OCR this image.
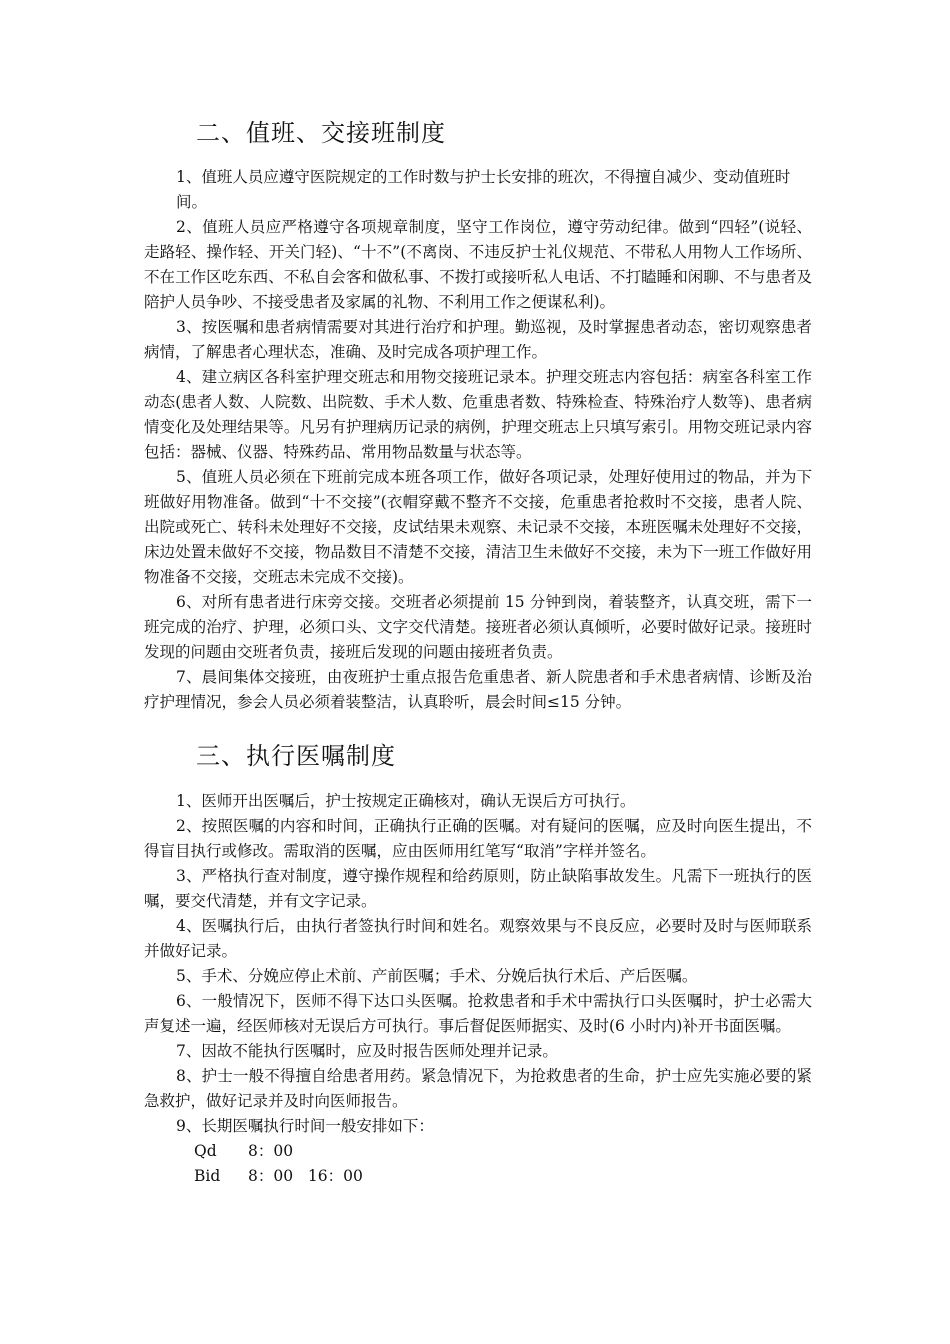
二、值班、交接班制度

1、值班人员应遵守医院规定的工作时数与护士长安排的班次，不得擅自减少、变动值班时

间。

2、值班人员应严格遵守各项规章制度，坚守工作岗位，遵守劳动纪律。做到“四轻”(说轻、走路轻、操作轻、开关门轻)、“十不”(不离岗、不违反护士礼仪规范、不带私人用物人工作场所、不在工作区吃东西、不私自会客和做私事、不拨打或接听私人电话、不打瞌睡和闲聊、不与患者及陪护人员争吵、不接受患者及家属的礼物、不利用工作之便谋私利)。

3、按医嘱和患者病情需要对其进行治疗和护理。勤巡视，及时掌握患者动态，密切观察患者病情，了解患者心理状态，准确、及时完成各项护理工作。

4、建立病区各科室护理交班志和用物交接班记录本。护理交班志内容包括：病室各科室工作动态(患者人数、人院数、出院数、手术人数、危重患者数、特殊检查、特殊治疗人数等)、患者病情变化及处理结果等。凡另有护理病历记录的病例，护理交班志上只填写索引。用物交班记录内容包括：器械、仪器、特殊药品、常用物品数量与状态等。

5、值班人员必须在下班前完成本班各项工作，做好各项记录，处理好使用过的物品，并为下班做好用物准备。做到“十不交接”(衣帽穿戴不整齐不交接，危重患者抢救时不交接，患者人院、出院或死亡、转科未处理好不交接，皮试结果未观察、未记录不交接，本班医嘱未处理好不交接，床边处置未做好不交接，物品数目不清楚不交接，清洁卫生未做好不交接，未为下一班工作做好用物准备不交接，交班志未完成不交接)。

6、对所有患者进行床旁交接。交班者必须提前 15 分钟到岗，着装整齐，认真交班，需下一班完成的治疗、护理，必须口头、文字交代清楚。接班者必须认真倾听，必要时做好记录。接班时发现的问题由交班者负责，接班后发现的问题由接班者负责。

7、晨间集体交接班，由夜班护士重点报告危重患者、新人院患者和手术患者病情、诊断及治疗护理情况，参会人员必须着装整洁，认真聆听，晨会时间≤15 分钟。

三、执行医嘱制度

1、医师开出医嘱后，护士按规定正确核对，确认无误后方可执行。

2、按照医嘱的内容和时间，正确执行正确的医嘱。对有疑问的医嘱，应及时向医生提出，不得盲目执行或修改。需取消的医嘱，应由医师用红笔写“取消”字样并签名。

3、严格执行查对制度，遵守操作规程和给药原则，防止缺陷事故发生。凡需下一班执行的医嘱，要交代清楚，并有文字记录。

4、医嘱执行后，由执行者签执行时间和姓名。观察效果与不良反应，必要时及时与医师联系并做好记录。

5、手术、分娩应停止术前、产前医嘱；手术、分娩后执行术后、产后医嘱。

6、一般情况下，医师不得下达口头医嘱。抢救患者和手术中需执行口头医嘱时，护士必需大声复述一遍，经医师核对无误后方可执行。事后督促医师据实、及时(6 小时内)补开书面医嘱。

7、因故不能执行医嘱时，应及时报告医师处理并记录。

8、护士一般不得擅自给患者用药。紧急情况下，为抢救患者的生命，护士应先实施必要的紧急救护，做好记录并及时向医师报告。

9、长期医嘱执行时间一般安排如下：

Qd 8：00

Bid 8：00   16：00
